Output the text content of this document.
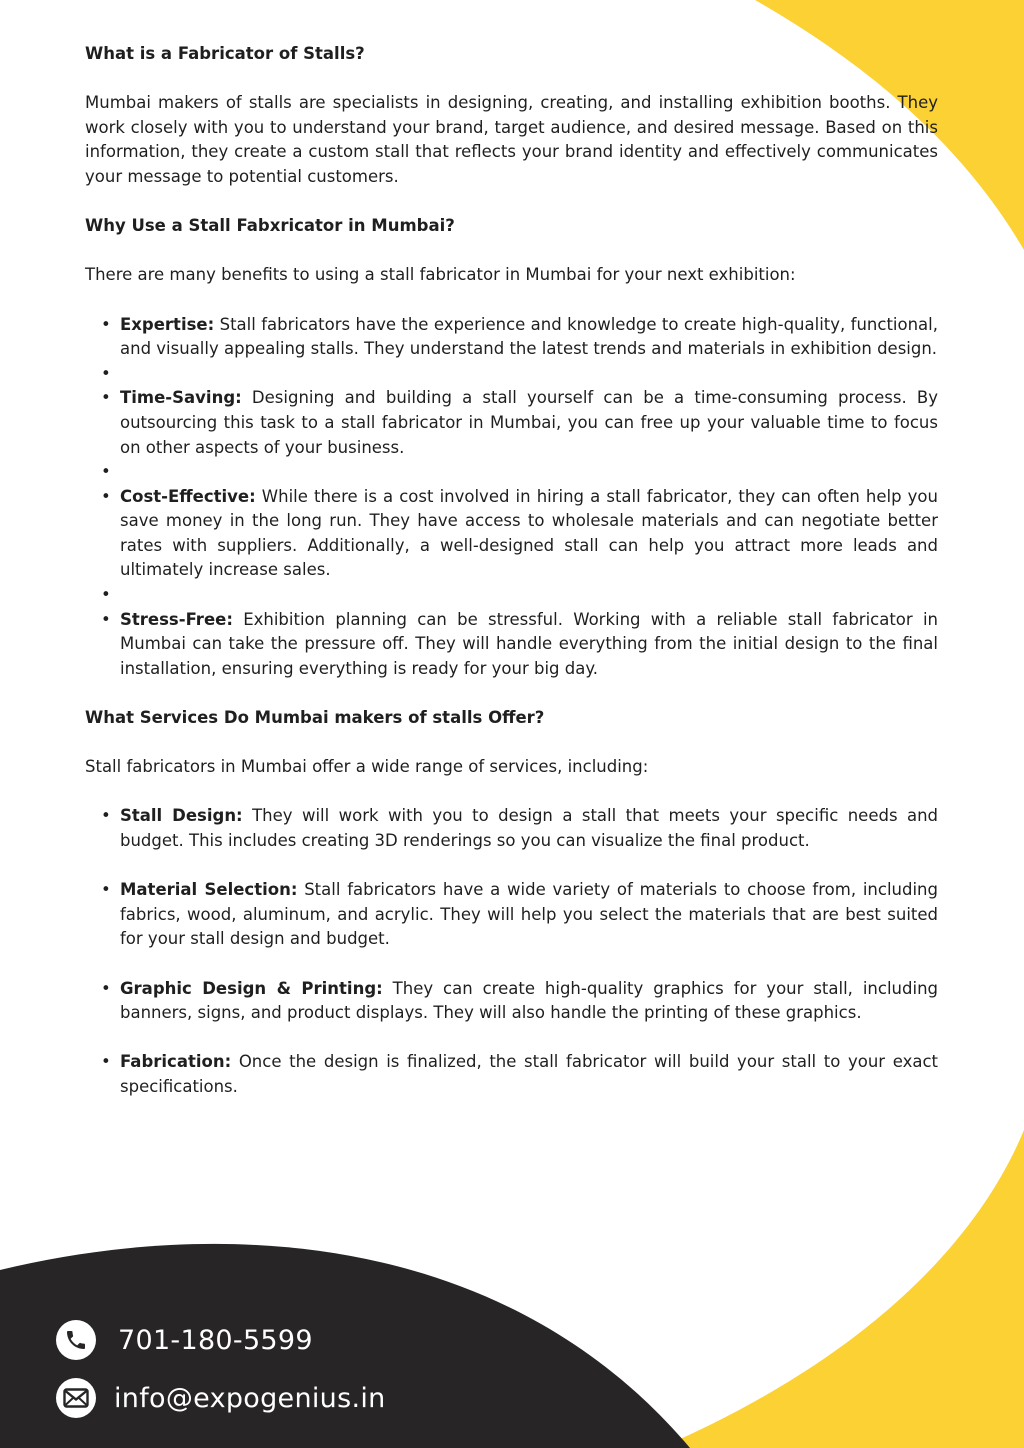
What is a Fabricator of Stalls?

Mumbai makers of stalls are specialists in designing, creating, and installing exhibition booths. They work closely with you to understand your brand, target audience, and desired message. Based on this information, they create a custom stall that reflects your brand identity and effectively communicates your message to potential customers.

Why Use a Stall Fabxricator in Mumbai?

There are many benefits to using a stall fabricator in Mumbai for your next exhibition:

• Expertise: Stall fabricators have the experience and knowledge to create high-quality, functional, and visually appealing stalls. They understand the latest trends and materials in exhibition design.
•
• Time-Saving: Designing and building a stall yourself can be a time-consuming process. By outsourcing this task to a stall fabricator in Mumbai, you can free up your valuable time to focus on other aspects of your business.
•
• Cost-Effective: While there is a cost involved in hiring a stall fabricator, they can often help you save money in the long run. They have access to wholesale materials and can negotiate better rates with suppliers. Additionally, a well-designed stall can help you attract more leads and ultimately increase sales.
•
• Stress-Free: Exhibition planning can be stressful. Working with a reliable stall fabricator in Mumbai can take the pressure off. They will handle everything from the initial design to the final installation, ensuring everything is ready for your big day.

What Services Do Mumbai makers of stalls Offer?

Stall fabricators in Mumbai offer a wide range of services, including:

• Stall Design: They will work with you to design a stall that meets your specific needs and budget. This includes creating 3D renderings so you can visualize the final product.
• Material Selection: Stall fabricators have a wide variety of materials to choose from, including fabrics, wood, aluminum, and acrylic. They will help you select the materials that are best suited for your stall design and budget.
• Graphic Design & Printing: They can create high-quality graphics for your stall, including banners, signs, and product displays. They will also handle the printing of these graphics.
• Fabrication: Once the design is finalized, the stall fabricator will build your stall to your exact specifications.
701-180-5599
info@expogenius.in
